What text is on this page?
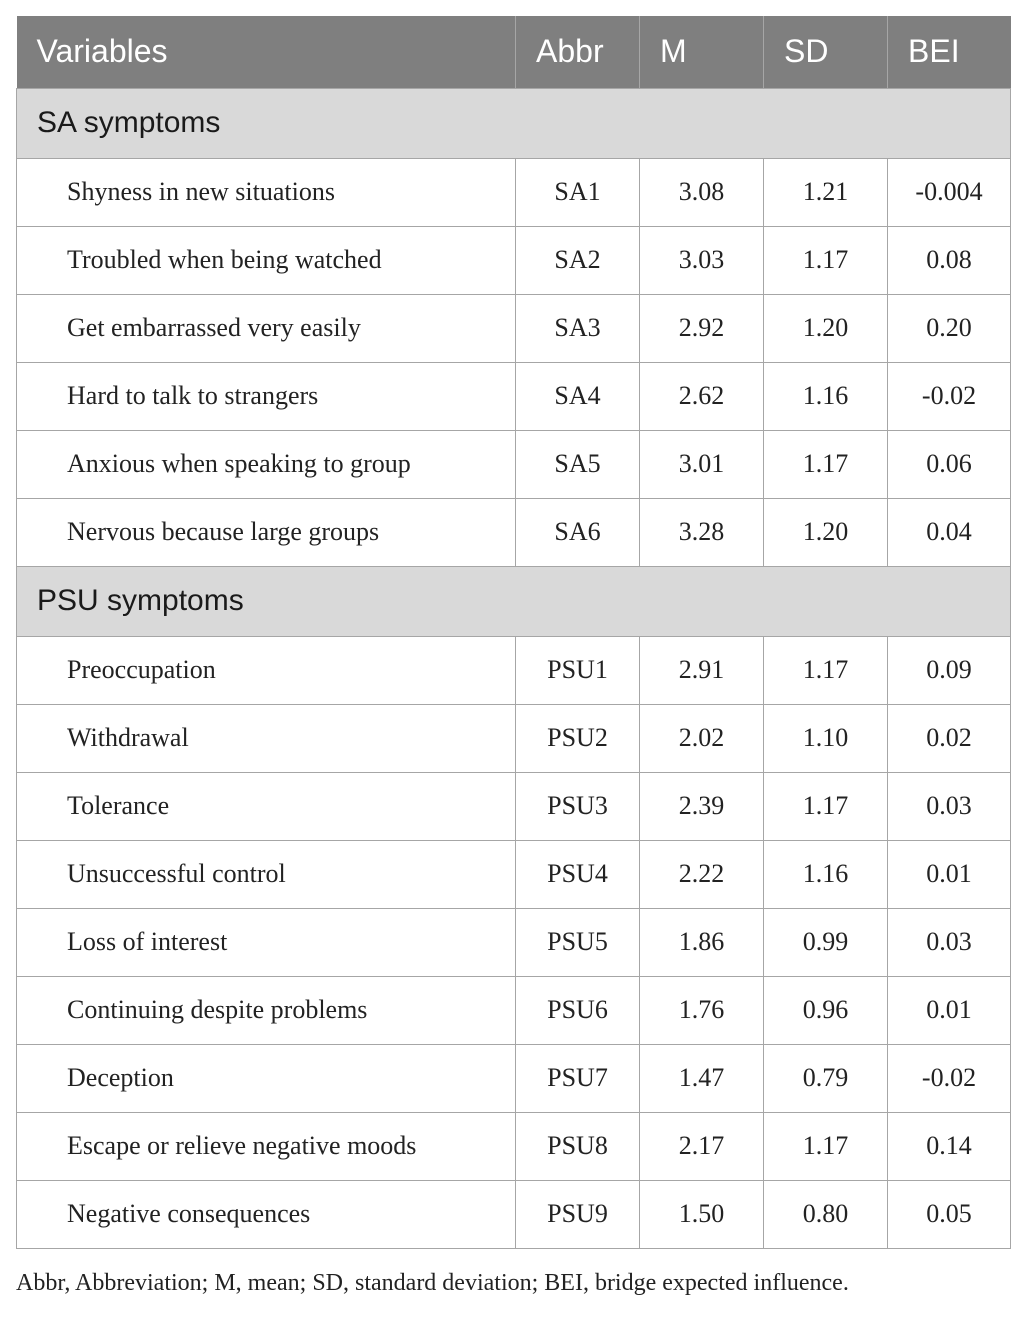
Variables	Abbr	M	SD	BEI
SA symptoms				
Shyness in new situations	SA1	3.08	1.21	-0.004
Troubled when being watched	SA2	3.03	1.17	0.08
Get embarrassed very easily	SA3	2.92	1.20	0.20
Hard to talk to strangers	SA4	2.62	1.16	-0.02
Anxious when speaking to group	SA5	3.01	1.17	0.06
Nervous because large groups	SA6	3.28	1.20	0.04
PSU symptoms				
Preoccupation	PSU1	2.91	1.17	0.09
Withdrawal	PSU2	2.02	1.10	0.02
Tolerance	PSU3	2.39	1.17	0.03
Unsuccessful control	PSU4	2.22	1.16	0.01
Loss of interest	PSU5	1.86	0.99	0.03
Continuing despite problems	PSU6	1.76	0.96	0.01
Deception	PSU7	1.47	0.79	-0.02
Escape or relieve negative moods	PSU8	2.17	1.17	0.14
Negative consequences	PSU9	1.50	0.80	0.05
Abbr, Abbreviation; M, mean; SD, standard deviation; BEI, bridge expected influence.
